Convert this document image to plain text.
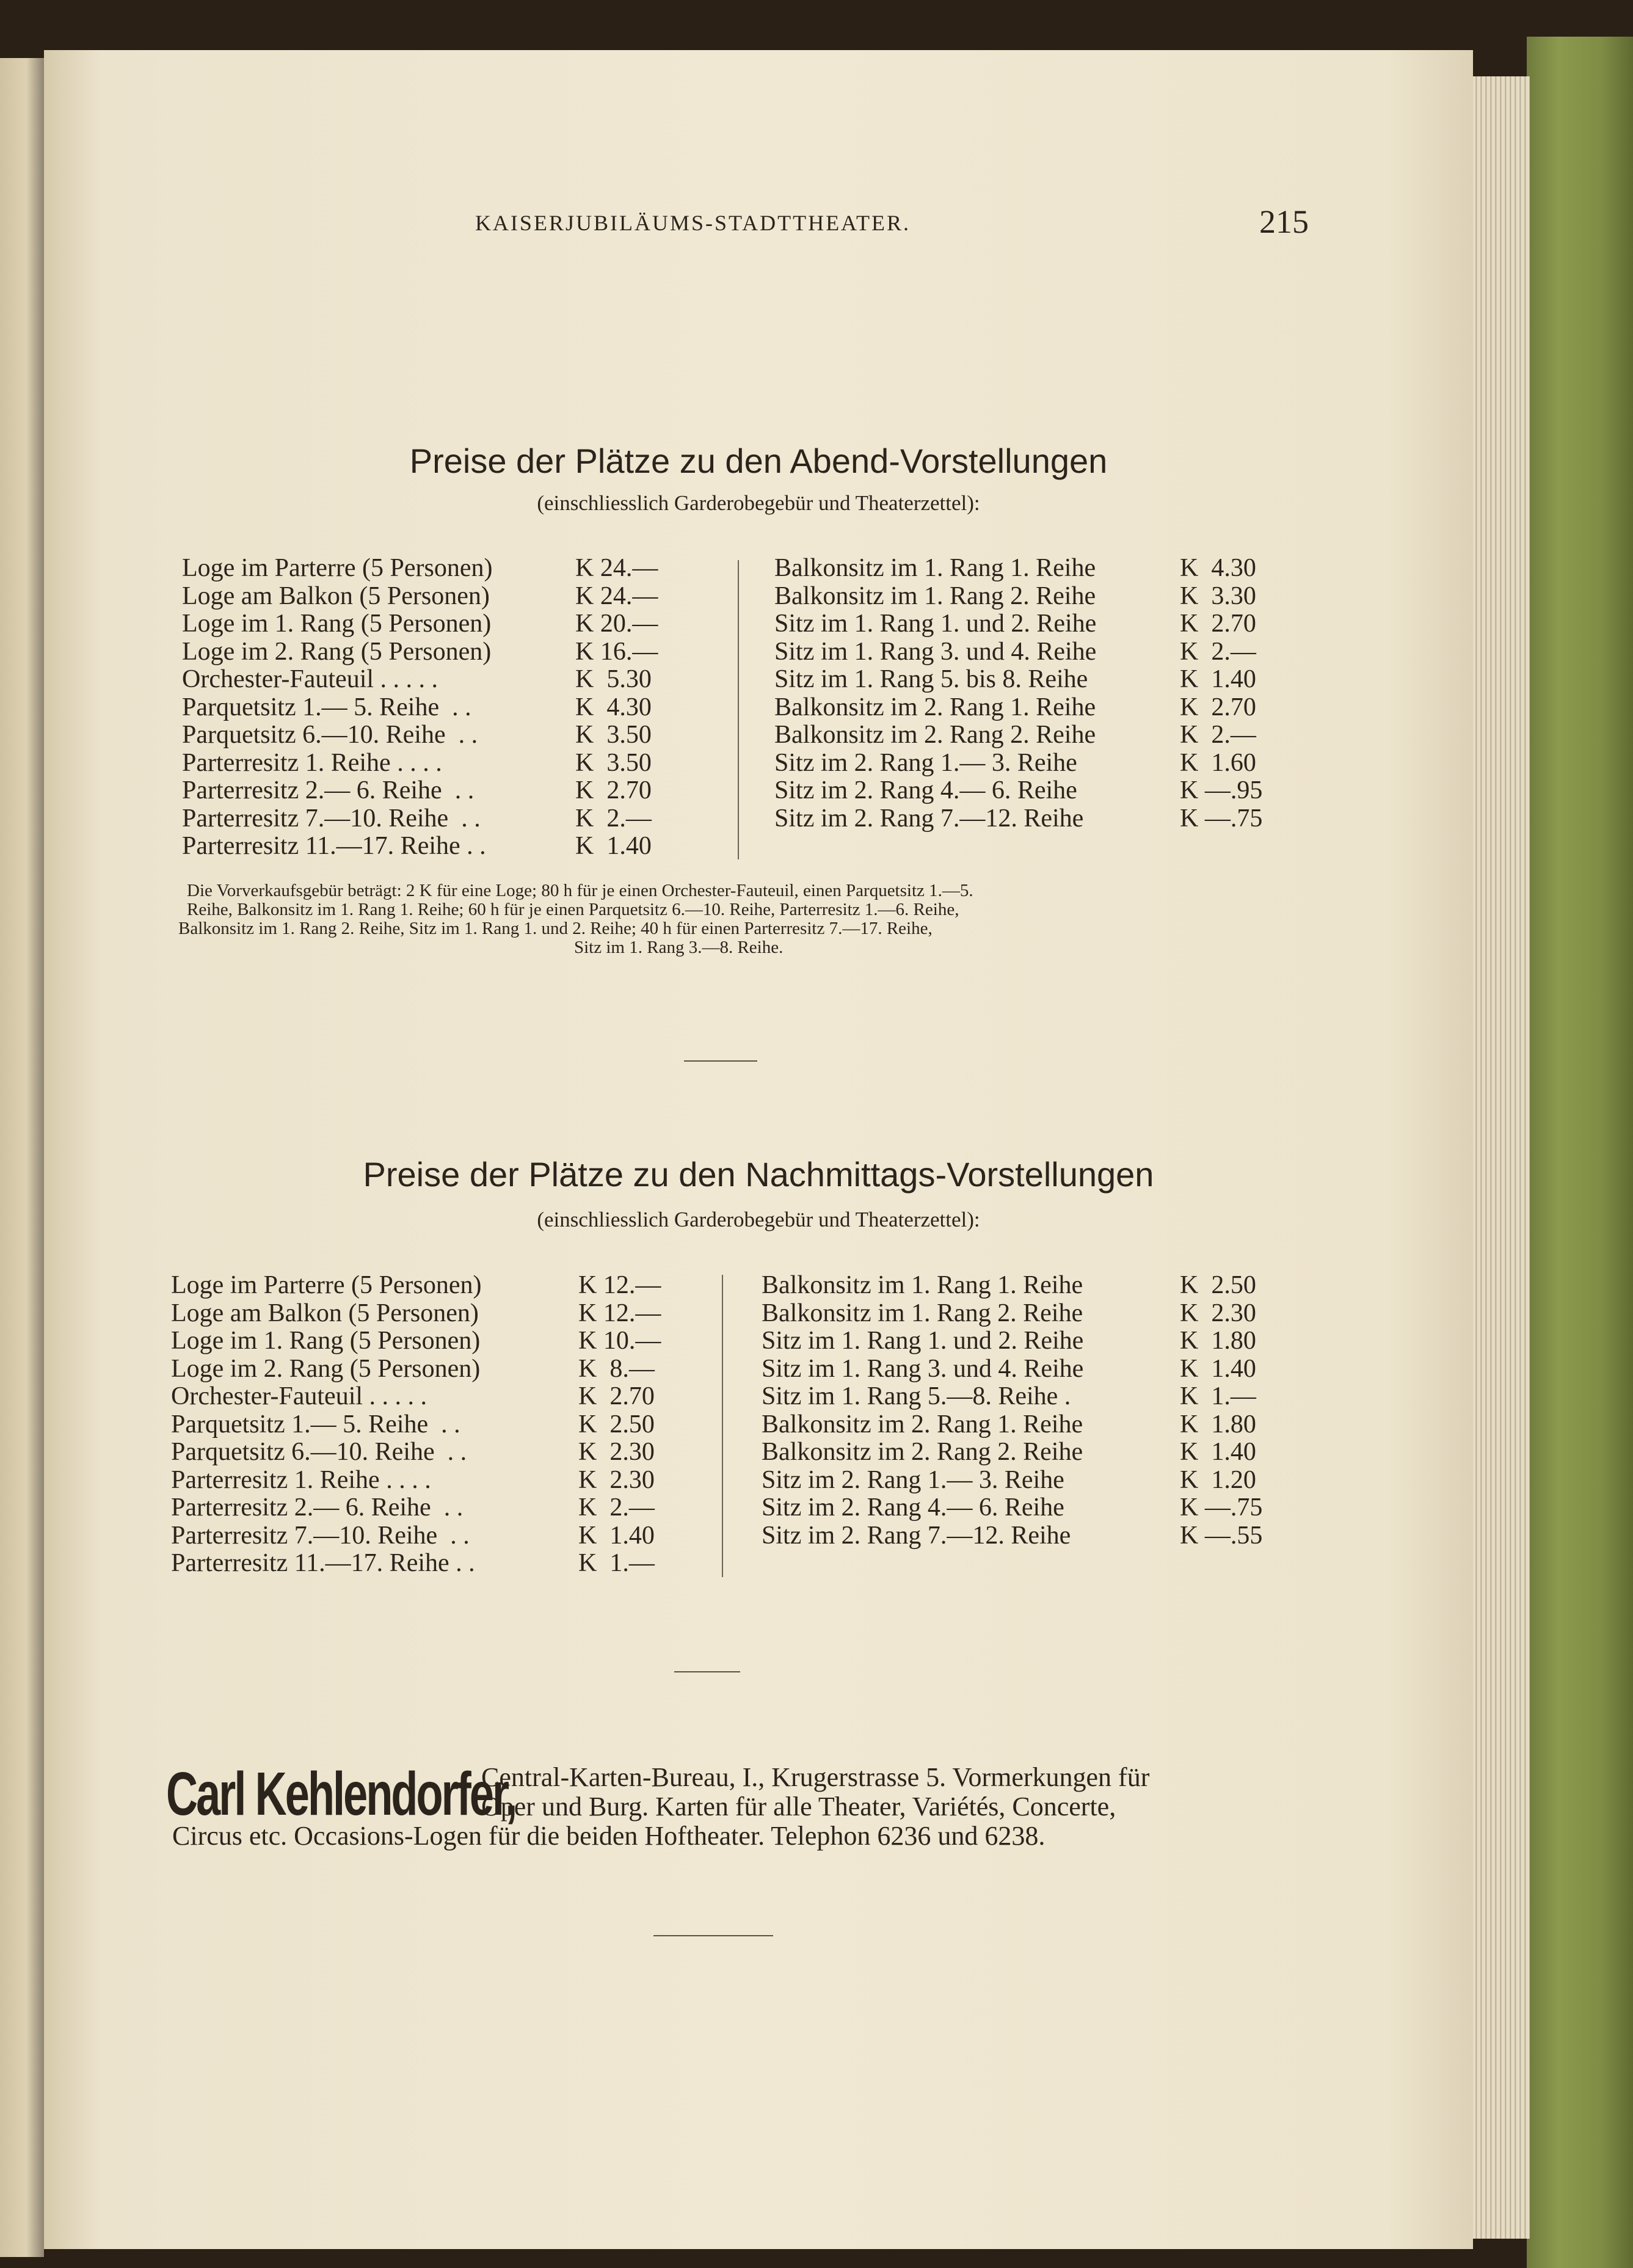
KAISERJUBILÄUMS-STADTTHEATER.	215
Preise der Plätze zu den Abend-Vorstellungen
(einschliesslich Garderobegebür und Theaterzettel):
Loge im Parterre (5 Personen)	K 24.—
Loge am Balkon (5 Personen)	K 24.—
Loge im 1. Rang (5 Personen)	K 20.—
Loge im 2. Rang (5 Personen)	K 16.—
Orchester-Fauteuil . . . . .	K  5.30
Parquetsitz 1.— 5. Reihe  . .	K  4.30
Parquetsitz 6.—10. Reihe  . .	K  3.50
Parterresitz 1. Reihe . . . .	K  3.50
Parterresitz 2.— 6. Reihe  . .	K  2.70
Parterresitz 7.—10. Reihe  . .	K  2.—
Parterresitz 11.—17. Reihe . .	K  1.40
Balkonsitz im 1. Rang 1. Reihe	K  4.30
Balkonsitz im 1. Rang 2. Reihe	K  3.30
Sitz im 1. Rang 1. und 2. Reihe	K  2.70
Sitz im 1. Rang 3. und 4. Reihe	K  2.—
Sitz im 1. Rang 5. bis 8. Reihe	K  1.40
Balkonsitz im 2. Rang 1. Reihe	K  2.70
Balkonsitz im 2. Rang 2. Reihe	K  2.—
Sitz im 2. Rang 1.— 3. Reihe	K  1.60
Sitz im 2. Rang 4.— 6. Reihe	K —.95
Sitz im 2. Rang 7.—12. Reihe	K —.75
Die Vorverkaufsgebür beträgt: 2 K für eine Loge; 80 h für je einen Orchester-Fauteuil, einen Parquetsitz 1.—5.
Reihe, Balkonsitz im 1. Rang 1. Reihe; 60 h für je einen Parquetsitz 6.—10. Reihe, Parterresitz 1.—6. Reihe,
Balkonsitz im 1. Rang 2. Reihe, Sitz im 1. Rang 1. und 2. Reihe; 40 h für einen Parterresitz 7.—17. Reihe,
Sitz im 1. Rang 3.—8. Reihe.
Preise der Plätze zu den Nachmittags-Vorstellungen
(einschliesslich Garderobegebür und Theaterzettel):
Loge im Parterre (5 Personen)	K 12.—
Loge am Balkon (5 Personen)	K 12.—
Loge im 1. Rang (5 Personen)	K 10.—
Loge im 2. Rang (5 Personen)	K  8.—
Orchester-Fauteuil . . . . .	K  2.70
Parquetsitz 1.— 5. Reihe  . .	K  2.50
Parquetsitz 6.—10. Reihe  . .	K  2.30
Parterresitz 1. Reihe . . . .	K  2.30
Parterresitz 2.— 6. Reihe  . .	K  2.—
Parterresitz 7.—10. Reihe  . .	K  1.40
Parterresitz 11.—17. Reihe . .	K  1.—
Balkonsitz im 1. Rang 1. Reihe	K  2.50
Balkonsitz im 1. Rang 2. Reihe	K  2.30
Sitz im 1. Rang 1. und 2. Reihe	K  1.80
Sitz im 1. Rang 3. und 4. Reihe	K  1.40
Sitz im 1. Rang 5.—8. Reihe .	K  1.—
Balkonsitz im 2. Rang 1. Reihe	K  1.80
Balkonsitz im 2. Rang 2. Reihe	K  1.40
Sitz im 2. Rang 1.— 3. Reihe	K  1.20
Sitz im 2. Rang 4.— 6. Reihe	K —.75
Sitz im 2. Rang 7.—12. Reihe	K —.55
Carl Kehlendorfer,
Central-Karten-Bureau, I., Krugerstrasse 5. Vormerkungen für
Oper und Burg. Karten für alle Theater, Variétés, Concerte,
Circus etc. Occasions-Logen für die beiden Hoftheater. Telephon 6236 und 6238.
